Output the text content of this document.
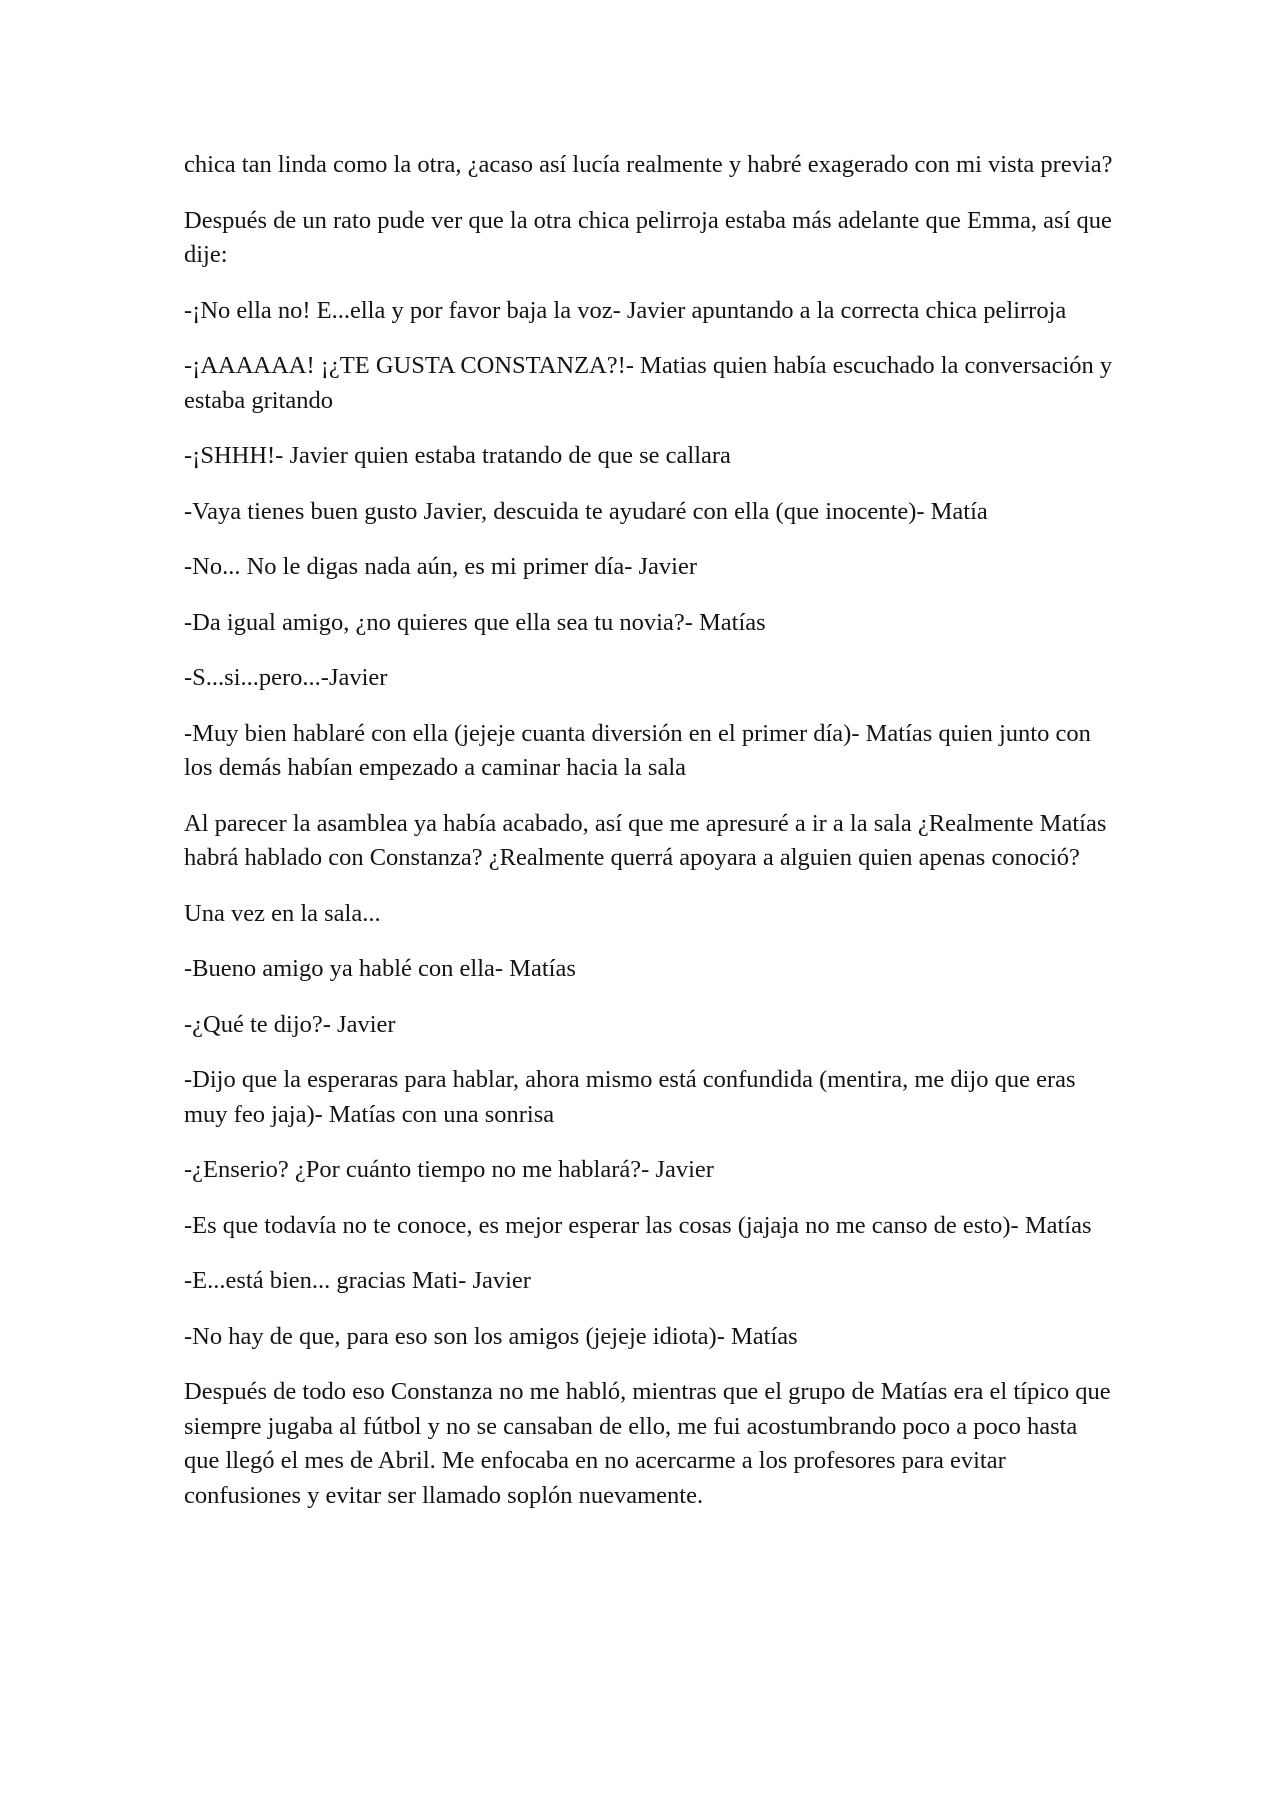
chica tan linda como la otra, ¿acaso así lucía realmente y habré exagerado con mi vista previa?

Después de un rato pude ver que la otra chica pelirroja estaba más adelante que Emma, así que dije:

-¡No ella no! E...ella y por favor baja la voz- Javier apuntando a la correcta chica pelirroja

-¡AAAAAA! ¡¿TE GUSTA CONSTANZA?!- Matias quien había escuchado la conversación y estaba gritando

-¡SHHH!- Javier quien estaba tratando de que se callara

-Vaya tienes buen gusto Javier, descuida te ayudaré con ella (que inocente)- Matía

-No... No le digas nada aún, es mi primer día- Javier

-Da igual amigo, ¿no quieres que ella sea tu novia?- Matías

-S...si...pero...-Javier

-Muy bien hablaré con ella (jejeje cuanta diversión en el primer día)- Matías quien junto con los demás habían empezado a caminar hacia la sala

Al parecer la asamblea ya había acabado, así que me apresuré a ir a la sala ¿Realmente Matías habrá hablado con Constanza? ¿Realmente querrá apoyara a alguien quien apenas conoció?

Una vez en la sala...

-Bueno amigo ya hablé con ella- Matías

-¿Qué te dijo?- Javier

-Dijo que la esperaras para hablar, ahora mismo está confundida (mentira, me dijo que eras muy feo jaja)- Matías con una sonrisa

-¿Enserio? ¿Por cuánto tiempo no me hablará?- Javier

-Es que todavía no te conoce, es mejor esperar las cosas (jajaja no me canso de esto)- Matías

-E...está bien... gracias Mati- Javier

-No hay de que, para eso son los amigos (jejeje idiota)- Matías

Después de todo eso Constanza no me habló, mientras que el grupo de Matías era el típico que siempre jugaba al fútbol y no se cansaban de ello, me fui acostumbrando poco a poco hasta que llegó el mes de Abril. Me enfocaba en no acercarme a los profesores para evitar confusiones y evitar ser llamado soplón nuevamente.
